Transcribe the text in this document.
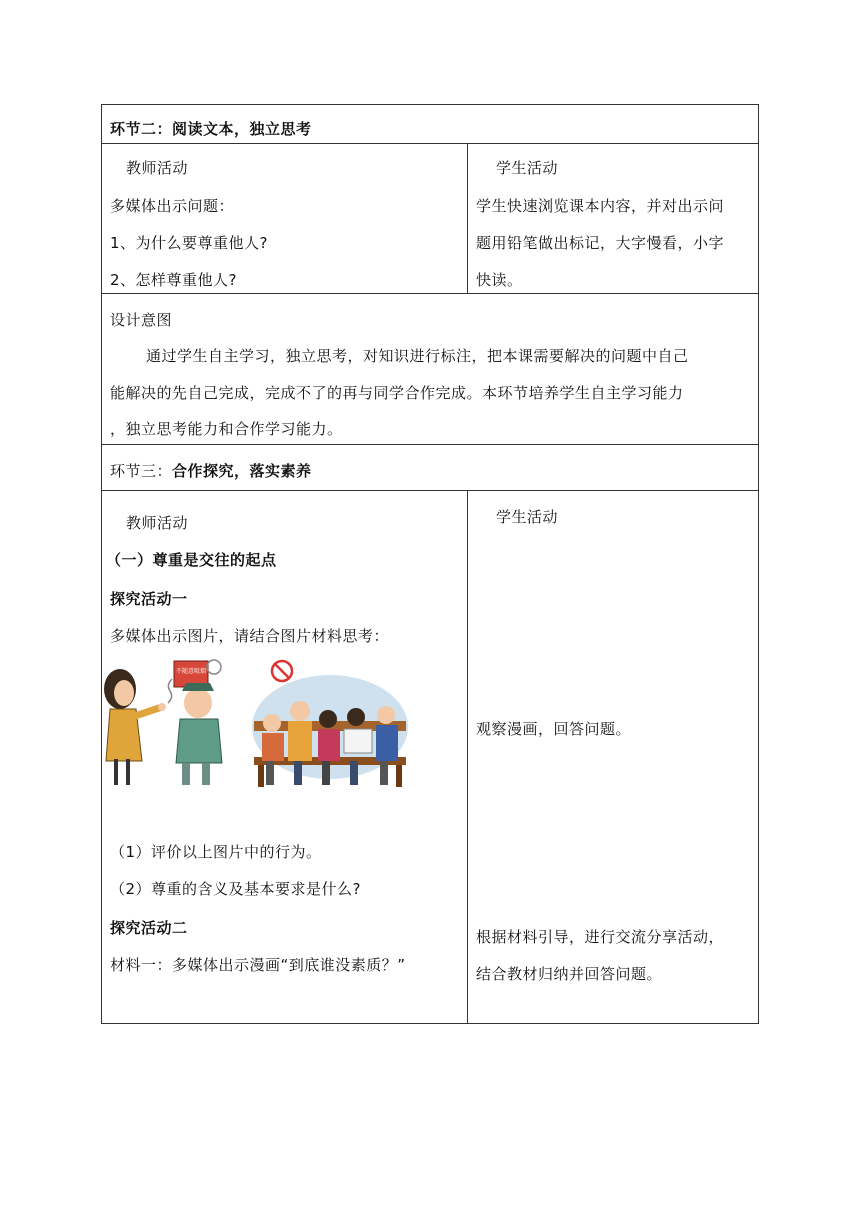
环节二：阅读文本，独立思考
教师活动
多媒体出示问题：
1、为什么要尊重他人?
2、怎样尊重他人?
学生活动
学生快速浏览课本内容，并对出示问
题用铅笔做出标记，大字慢看，小字
快读。
设计意图
通过学生自主学习，独立思考，对知识进行标注，把本课需要解决的问题中自己
能解决的先自己完成，完成不了的再与同学合作完成。本环节培养学生自主学习能力
，独立思考能力和合作学习能力。
环节三：合作探究，落实素养
教师活动
（一）尊重是交往的起点
探究活动一
多媒体出示图片，请结合图片材料思考：
不随意吸烟
（1）评价以上图片中的行为。
（2）尊重的含义及基本要求是什么?
探究活动二
材料一：多媒体出示漫画“到底谁没素质？”
学生活动
观察漫画，回答问题。
根据材料引导，进行交流分享活动，
结合教材归纳并回答问题。
